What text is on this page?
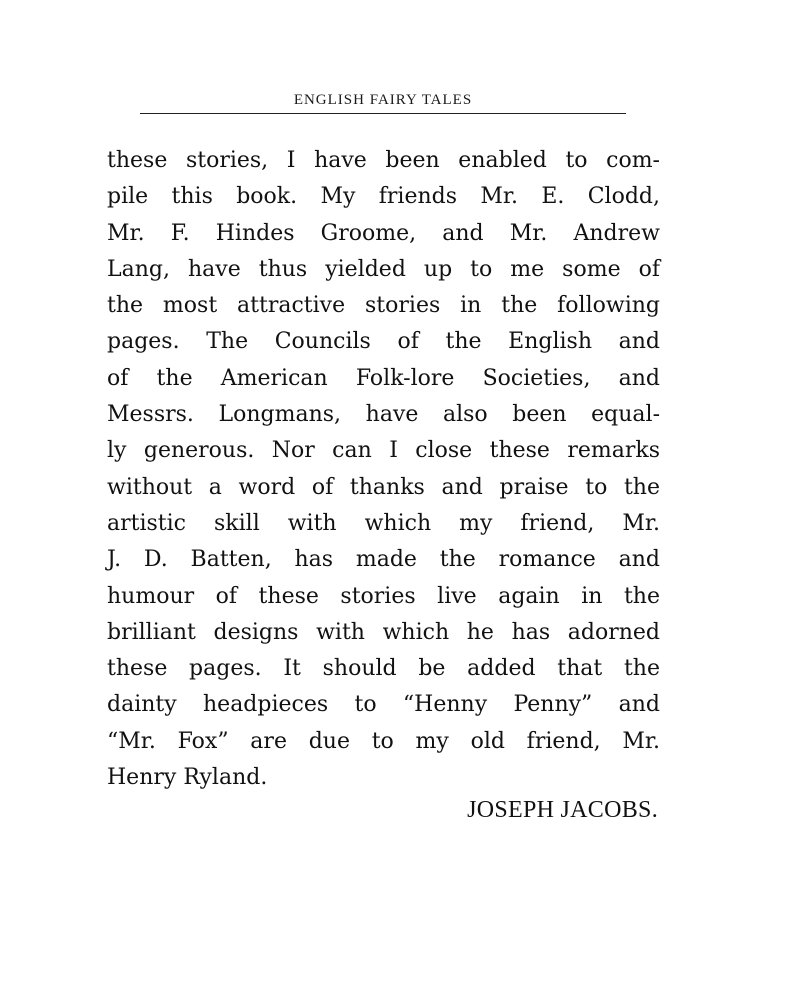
ENGLISH FAIRY TALES
these stories, I have been enabled to com-
pile this book. My friends Mr. E. Clodd,
Mr. F. Hindes Groome, and Mr. Andrew
Lang, have thus yielded up to me some of
the most attractive stories in the following
pages. The Councils of the English and
of the American Folk-lore Societies, and
Messrs. Longmans, have also been equal-
ly generous. Nor can I close these remarks
without a word of thanks and praise to the
artistic skill with which my friend, Mr.
J. D. Batten, has made the romance and
humour of these stories live again in the
brilliant designs with which he has adorned
these pages. It should be added that the
dainty headpieces to “Henny Penny” and
“Mr. Fox” are due to my old friend, Mr.
Henry Ryland.
JOSEPH JACOBS.
